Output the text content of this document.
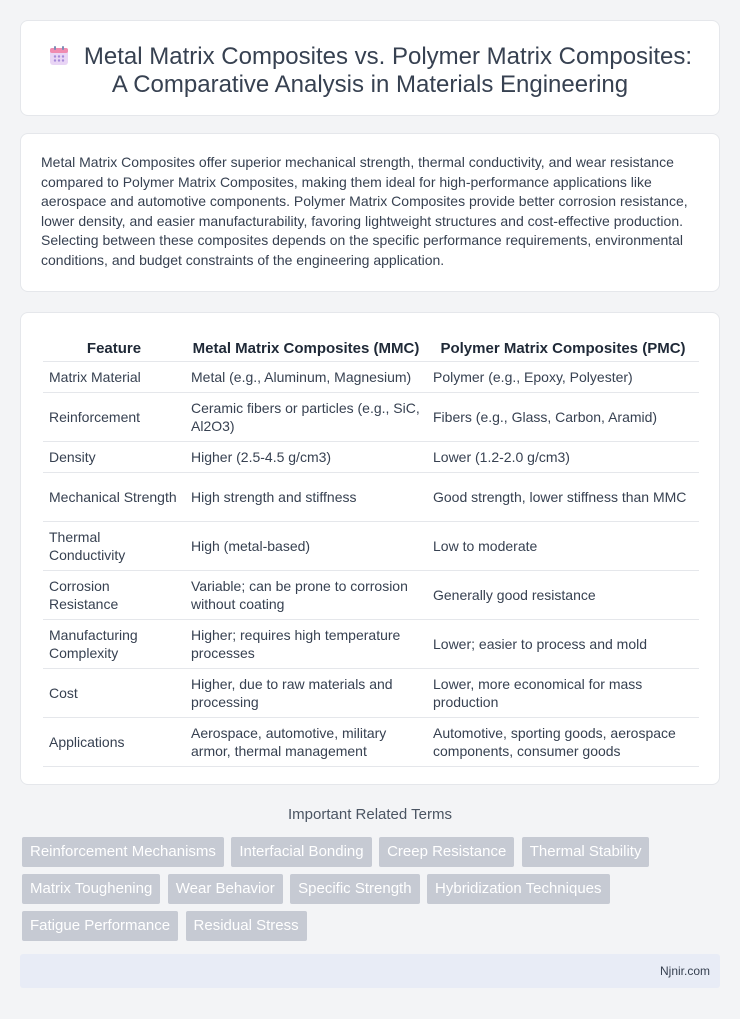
Metal Matrix Composites vs. Polymer Matrix Composites: A Comparative Analysis in Materials Engineering

Metal Matrix Composites offer superior mechanical strength, thermal conductivity, and wear resistance compared to Polymer Matrix Composites, making them ideal for high-performance applications like aerospace and automotive components. Polymer Matrix Composites provide better corrosion resistance, lower density, and easier manufacturability, favoring lightweight structures and cost-effective production. Selecting between these composites depends on the specific performance requirements, environmental conditions, and budget constraints of the engineering application.

Feature	Metal Matrix Composites (MMC)	Polymer Matrix Composites (PMC)
Matrix Material	Metal (e.g., Aluminum, Magnesium)	Polymer (e.g., Epoxy, Polyester)
Reinforcement	Ceramic fibers or particles (e.g., SiC, Al2O3)	Fibers (e.g., Glass, Carbon, Aramid)
Density	Higher (2.5-4.5 g/cm3)	Lower (1.2-2.0 g/cm3)
Mechanical Strength	High strength and stiffness	Good strength, lower stiffness than MMC
Thermal Conductivity	High (metal-based)	Low to moderate
Corrosion Resistance	Variable; can be prone to corrosion without coating	Generally good resistance
Manufacturing Complexity	Higher; requires high temperature processes	Lower; easier to process and mold
Cost	Higher, due to raw materials and processing	Lower, more economical for mass production
Applications	Aerospace, automotive, military armor, thermal management	Automotive, sporting goods, aerospace components, consumer goods
Important Related Terms
Reinforcement Mechanisms Interfacial Bonding Creep Resistance Thermal Stability Matrix Toughening Wear Behavior Specific Strength Hybridization Techniques Fatigue Performance Residual Stress
Njnir.com
